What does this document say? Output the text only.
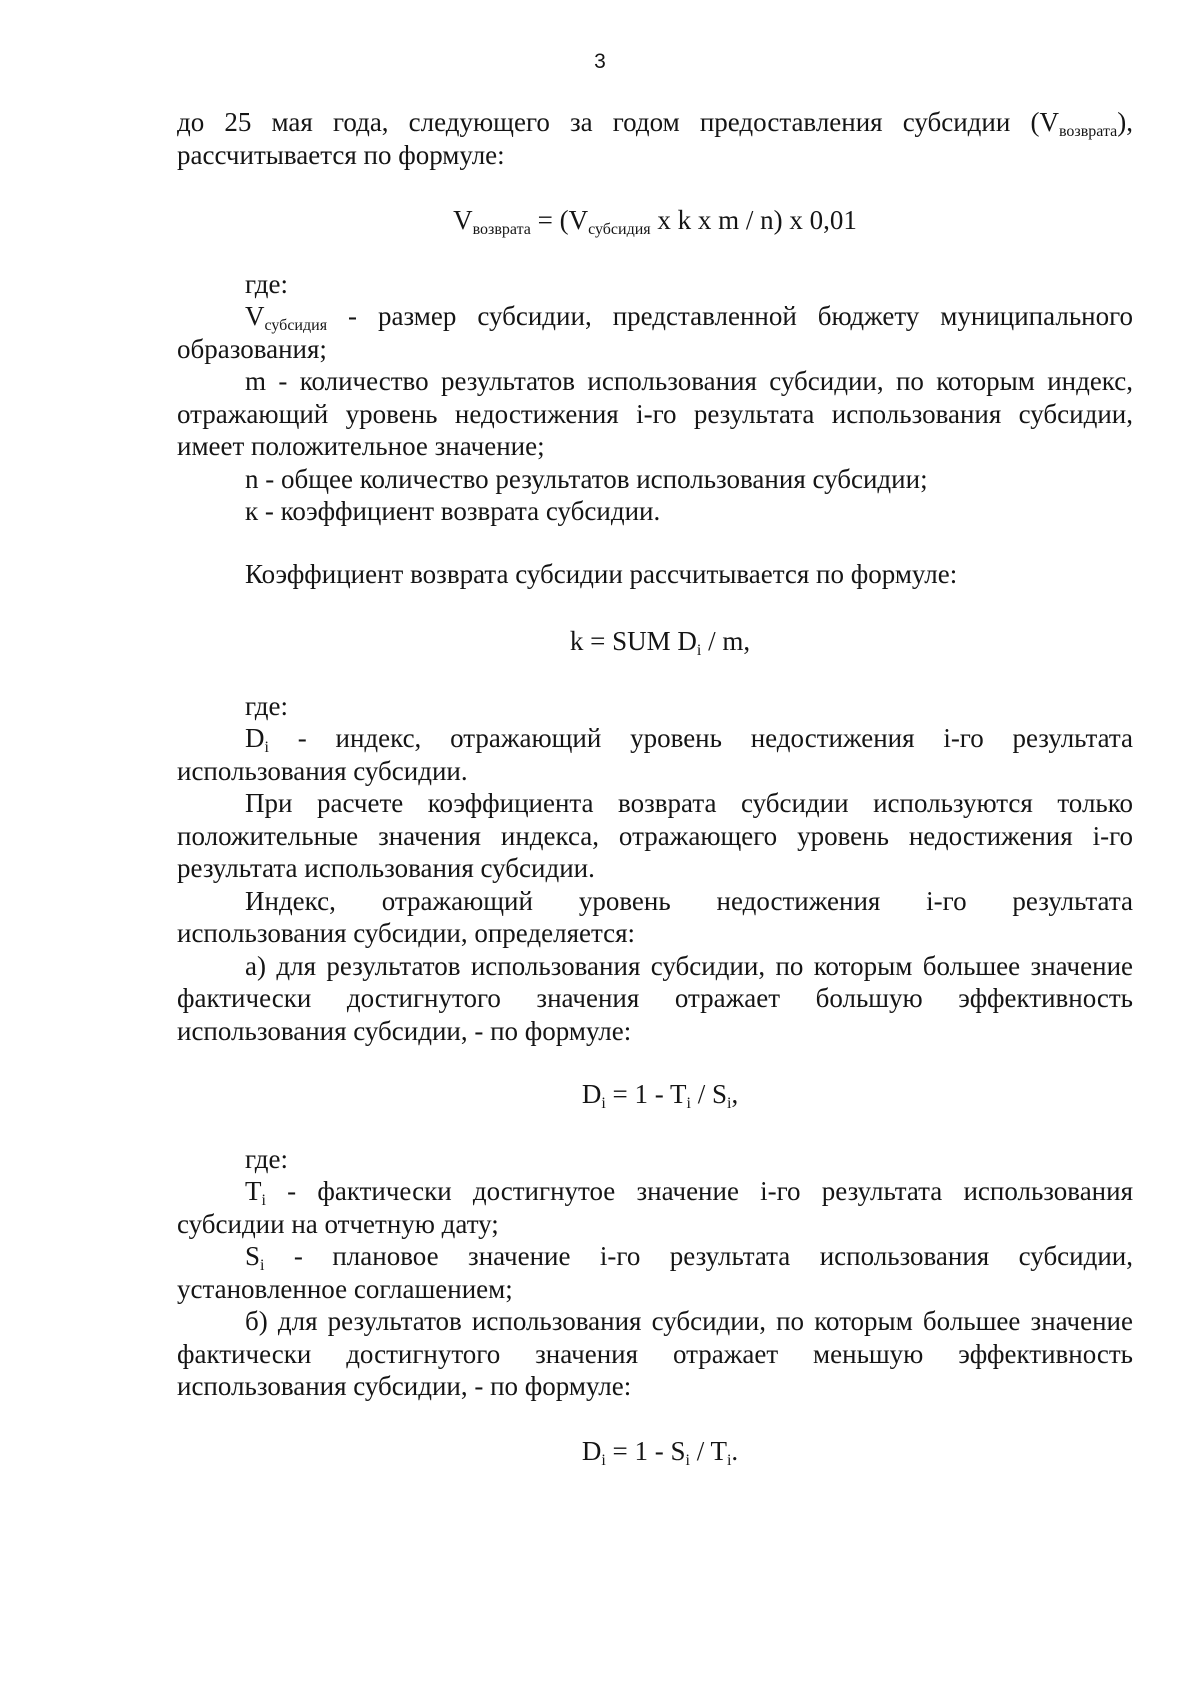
3

до 25 мая года, следующего за годом предоставления субсидии $(V_{возврата})$,

рассчитывается по формуле:

$V_{возврата} = (V_{субсидия}$ x k x m / n) x 0,01

где:

$V_{субсидия}$ - размер субсидии, представленной бюджету муниципального

образования;

m - количество результатов использования субсидии, по которым индекс, отражающий уровень недостижения i-го результата использования субсидии, имеет положительное значение;

n - общее количество результатов использования субсидии;

к - коэффициент возврата субсидии.

Коэффициент возврата субсидии рассчитывается по формуле:

k = SUM $D_i$ / m,

где:

$D_i$ - индекс, отражающий уровень недостижения i-го результата

использования субсидии.

При расчете коэффициента возврата субсидии используются только положительные значения индекса, отражающего уровень недостижения i-го результата использования субсидии.

Индекс, отражающий уровень недостижения i-го результата

использования субсидии, определяется:

а) для результатов использования субсидии, по которым большее значение фактически достигнутого значения отражает большую эффективность использования субсидии, - по формуле:

$D_i = 1 - T_i / S_i$,

где:

$T_i$ - фактически достигнутое значение i-го результата использования

субсидии на отчетную дату;

$S_i$ - плановое значение i-го результата использования субсидии,

установленное соглашением;

б) для результатов использования субсидии, по которым большее значение фактически достигнутого значения отражает меньшую эффективность использования субсидии, - по формуле:

$D_i = 1 - S_i / T_i$.
